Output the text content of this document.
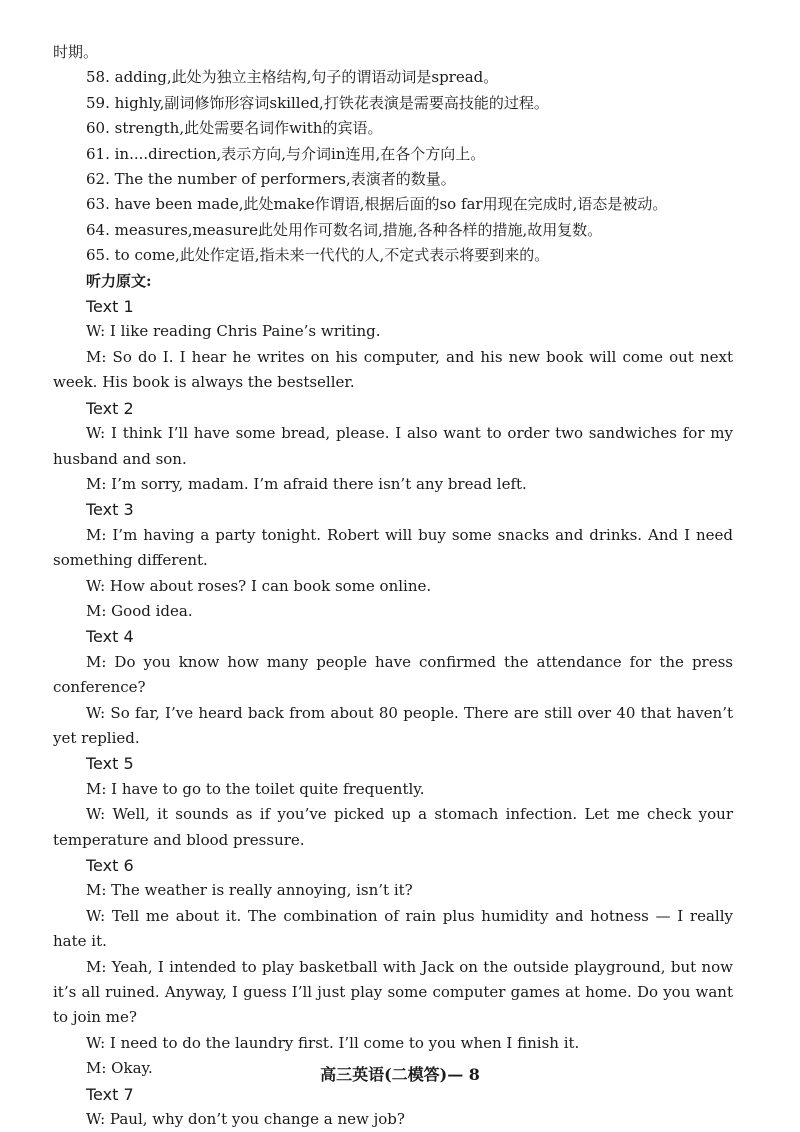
时期。
58. adding,此处为独立主格结构,句子的谓语动词是spread。
59. highly,副词修饰形容词skilled,打铁花表演是需要高技能的过程。
60. strength,此处需要名词作with的宾语。
61. in....direction,表示方向,与介词in连用,在各个方向上。
62. The the number of performers,表演者的数量。
63. have been made,此处make作谓语,根据后面的so far用现在完成时,语态是被动。
64. measures,measure此处用作可数名词,措施,各种各样的措施,故用复数。
65. to come,此处作定语,指未来一代代的人,不定式表示将要到来的。
听力原文:
Text 1
W: I like reading Chris Paine’s writing.
M: So do I. I hear he writes on his computer, and his new book will come out next week. His book is always the bestseller.
Text 2
W: I think I’ll have some bread, please. I also want to order two sandwiches for my husband and son.
M: I’m sorry, madam. I’m afraid there isn’t any bread left.
Text 3
M: I’m having a party tonight. Robert will buy some snacks and drinks. And I need something different.
W: How about roses? I can book some online.
M: Good idea.
Text 4
M: Do you know how many people have confirmed the attendance for the press conference?
W: So far, I’ve heard back from about 80 people. There are still over 40 that haven’t yet replied.
Text 5
M: I have to go to the toilet quite frequently.
W: Well, it sounds as if you’ve picked up a stomach infection. Let me check your temperature and blood pressure.
Text 6
M: The weather is really annoying, isn’t it?
W: Tell me about it. The combination of rain plus humidity and hotness — I really hate it.
M: Yeah, I intended to play basketball with Jack on the outside playground, but now it’s all ruined. Anyway, I guess I’ll just play some computer games at home. Do you want to join me?
W: I need to do the laundry first. I’ll come to you when I finish it.
M: Okay.
Text 7
W: Paul, why don’t you change a new job?
高三英语(二模答)— 8
